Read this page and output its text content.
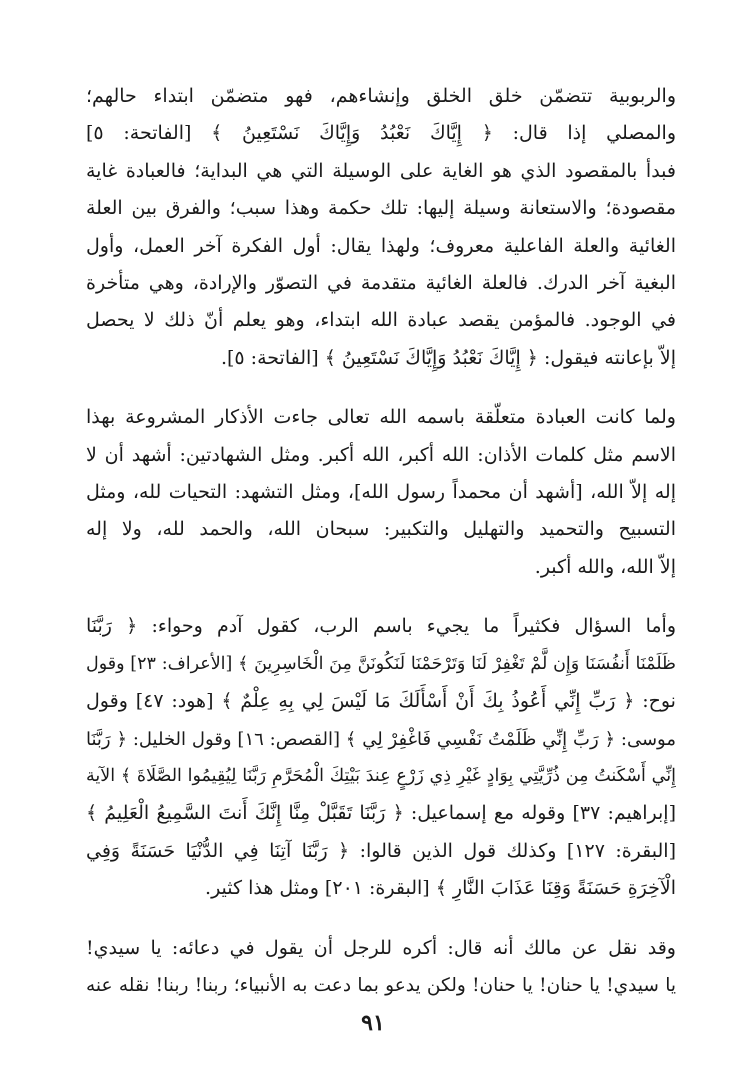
والربوبية تتضمّن خلق الخلق وإنشاءهم، فهو متضمّن ابتداء حالهم؛
والمصلي إذا قال: ﴿ إِيَّاكَ نَعْبُدُ وَإِيَّاكَ نَسْتَعِينُ ﴾ [الفاتحة: ٥]
فبدأ بالمقصود الذي هو الغاية على الوسيلة التي هي البداية؛ فالعبادة غاية
مقصودة؛ والاستعانة وسيلة إليها: تلك حكمة وهذا سبب؛ والفرق بين العلة
الغائية والعلة الفاعلية معروف؛ ولهذا يقال: أول الفكرة آخر العمل، وأول
البغية آخر الدرك. فالعلة الغائية متقدمة في التصوّر والإرادة، وهي متأخرة
في الوجود. فالمؤمن يقصد عبادة الله ابتداء، وهو يعلم أنّ ذلك لا يحصل
إلاّ بإعانته فيقول: ﴿ إِيَّاكَ نَعْبُدُ وَإِيَّاكَ نَسْتَعِينُ ﴾ [الفاتحة: ٥].
ولما كانت العبادة متعلّقة باسمه الله تعالى جاءت الأذكار المشروعة بهذا
الاسم مثل كلمات الأذان: الله أكبر، الله أكبر. ومثل الشهادتين: أشهد أن لا
إله إلاّ الله، [أشهد أن محمداً رسول الله]، ومثل التشهد: التحيات لله، ومثل
التسبيح والتحميد والتهليل والتكبير: سبحان الله، والحمد لله، ولا إله
إلاّ الله، والله أكبر.
وأما السؤال فكثيراً ما يجيء باسم الرب، كقول آدم وحواء: ﴿ رَبَّنَا
ظَلَمْنَا أَنفُسَنَا وَإِن لَّمْ تَغْفِرْ لَنَا وَتَرْحَمْنَا لَنَكُونَنَّ مِنَ الْخَاسِرِينَ ﴾ [الأعراف: ٢٣] وقول
نوح: ﴿ رَبِّ إِنِّي أَعُوذُ بِكَ أَنْ أَسْأَلَكَ مَا لَيْسَ لِي بِهِ عِلْمٌ ﴾ [هود: ٤٧] وقول
موسى: ﴿ رَبِّ إِنِّي ظَلَمْتُ نَفْسِي فَاغْفِرْ لِي ﴾ [القصص: ١٦] وقول الخليل: ﴿ رَبَّنَا
إِنِّي أَسْكَنتُ مِن ذُرِّيَّتِي بِوَادٍ غَيْرِ ذِي زَرْعٍ عِندَ بَيْتِكَ الْمُحَرَّمِ رَبَّنَا لِيُقِيمُوا الصَّلَاةَ ﴾ الآية
[إبراهيم: ٣٧] وقوله مع إسماعيل: ﴿ رَبَّنَا تَقَبَّلْ مِنَّا إِنَّكَ أَنتَ السَّمِيعُ الْعَلِيمُ ﴾
[البقرة: ١٢٧] وكذلك قول الذين قالوا: ﴿ رَبَّنَا آتِنَا فِي الدُّنْيَا حَسَنَةً وَفِي
الْآخِرَةِ حَسَنَةً وَقِنَا عَذَابَ النَّارِ ﴾ [البقرة: ٢٠١] ومثل هذا كثير.
وقد نقل عن مالك أنه قال: أكره للرجل أن يقول في دعائه: يا سيدي!
يا سيدي! يا حنان! يا حنان! ولكن يدعو بما دعت به الأنبياء؛ ربنا! ربنا! نقله عنه
٩١
